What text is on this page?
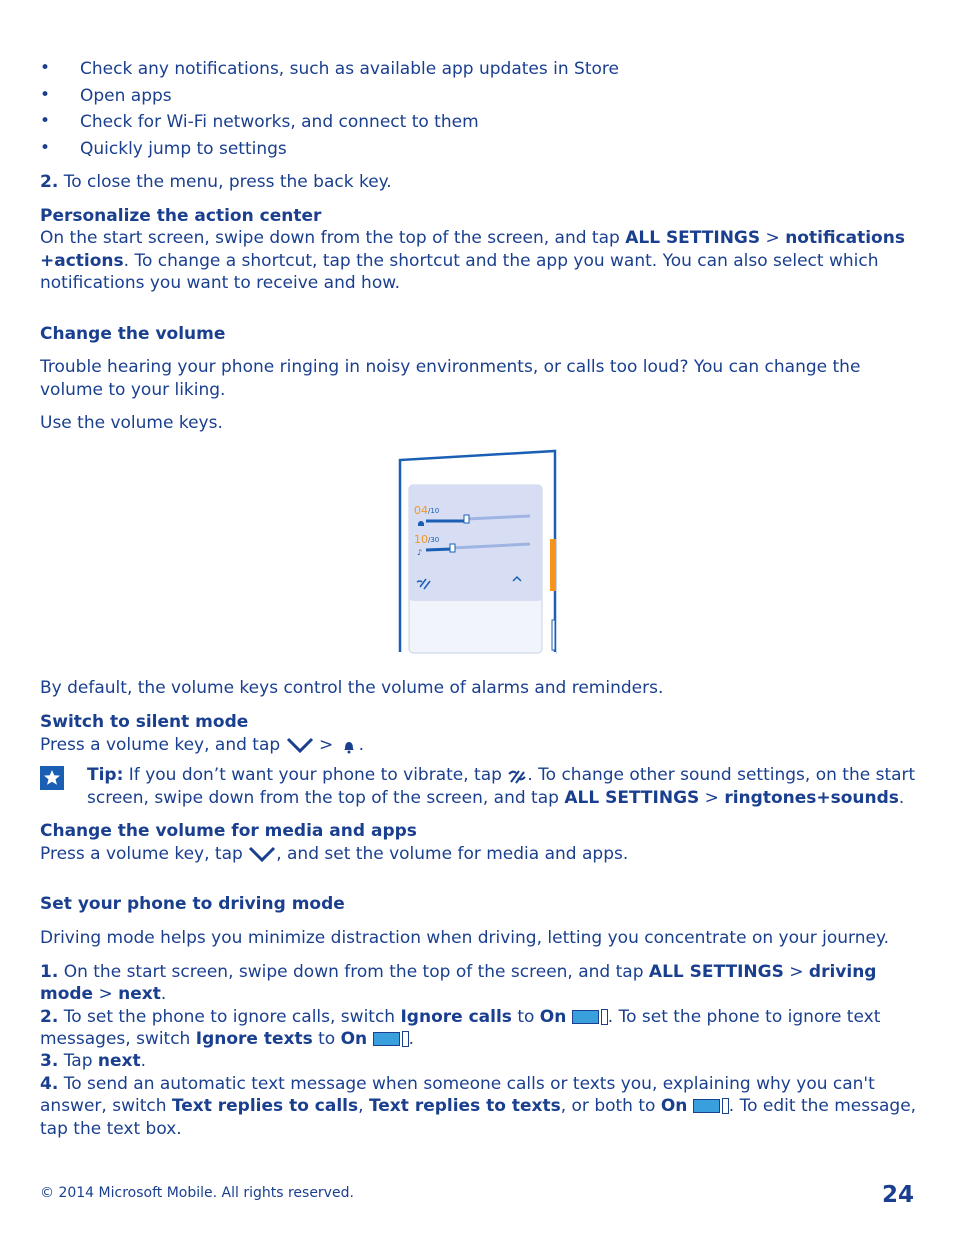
• Check any notifications, such as available app updates in Store
• Open apps
• Check for Wi-Fi networks, and connect to them
• Quickly jump to settings
2. To close the menu, press the back key.
Personalize the action center
On the start screen, swipe down from the top of the screen, and tap ALL SETTINGS > notifications
+actions. To change a shortcut, tap the shortcut and the app you want. You can also select which
notifications you want to receive and how.
Change the volume
Trouble hearing your phone ringing in noisy environments, or calls too loud? You can change the
volume to your liking.
Use the volume keys.
♪
04 /10
10 /30
By default, the volume keys control the volume of alarms and reminders.
Switch to silent mode
Press a volume key, and tap  > .
Tip: If you don’t want your phone to vibrate, tap . To change other sound settings, on the start
screen, swipe down from the top of the screen, and tap ALL SETTINGS > ringtones+sounds.
Change the volume for media and apps
Press a volume key, tap , and set the volume for media and apps.
Set your phone to driving mode
Driving mode helps you minimize distraction when driving, letting you concentrate on your journey.
1. On the start screen, swipe down from the top of the screen, and tap ALL SETTINGS > driving
mode > next.
2. To set the phone to ignore calls, switch Ignore calls to On . To set the phone to ignore text
messages, switch Ignore texts to On .
3. Tap next.
4. To send an automatic text message when someone calls or texts you, explaining why you can't
answer, switch Text replies to calls, Text replies to texts, or both to On . To edit the message,
tap the text box.
© 2014 Microsoft Mobile. All rights reserved.	24
